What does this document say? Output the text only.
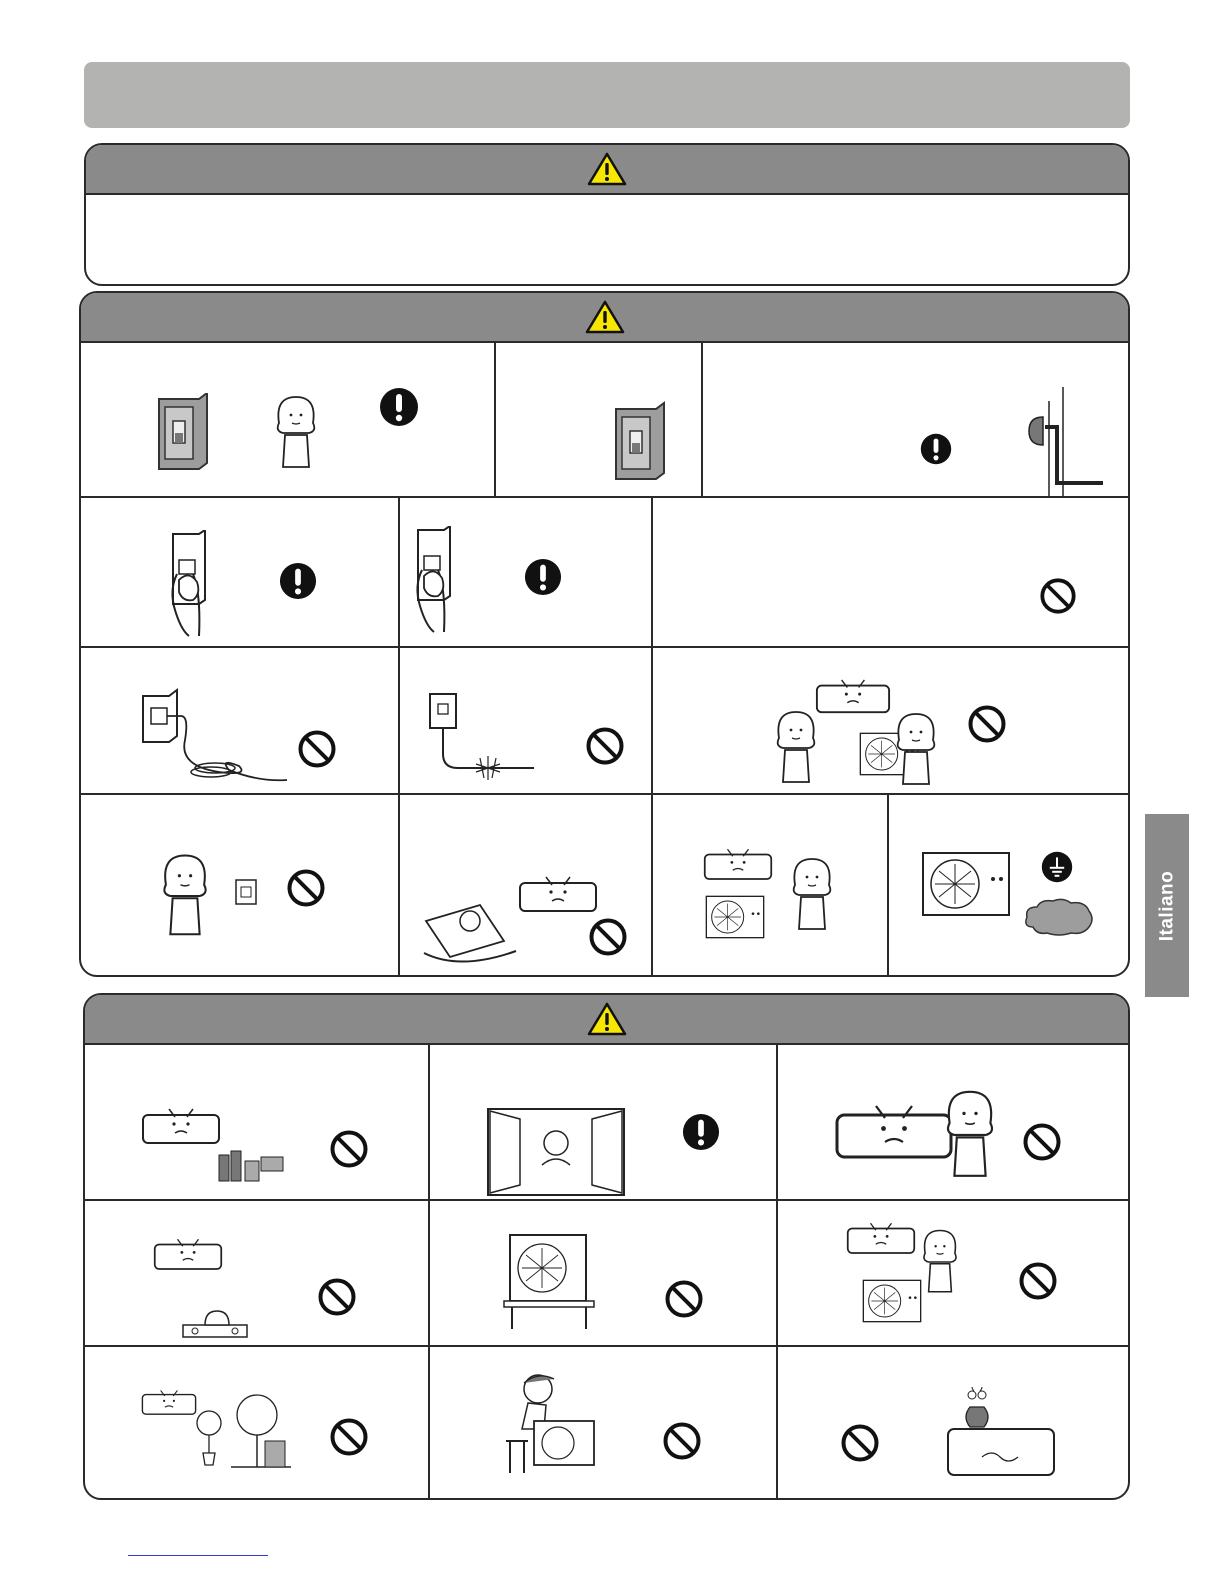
Italiano
